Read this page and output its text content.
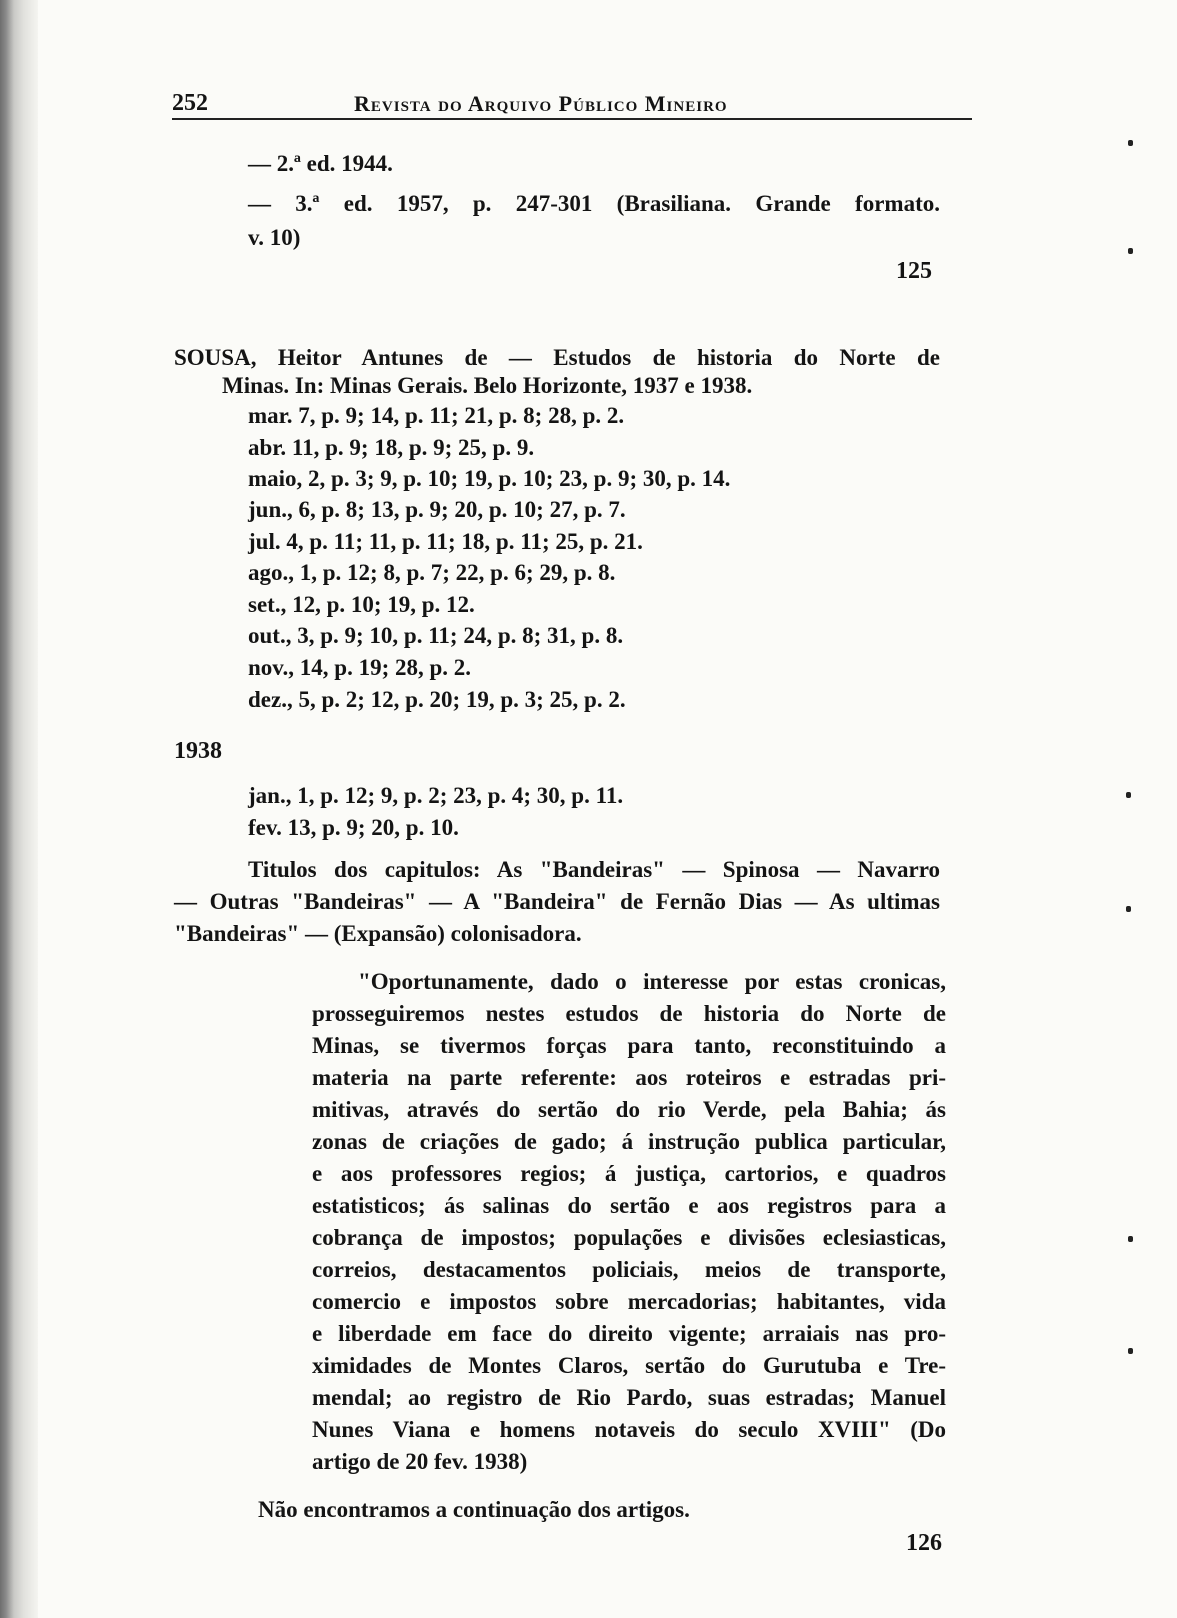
252	Revista do Arquivo Público Mineiro
— 2.ª ed. 1944.
— 3.ª ed. 1957, p. 247-301 (Brasiliana. Grande formato.
v. 10)
125
SOUSA, Heitor Antunes de — Estudos de historia do Norte de
Minas. In: Minas Gerais. Belo Horizonte, 1937 e 1938.
mar. 7, p. 9; 14, p. 11; 21, p. 8; 28, p. 2.
abr. 11, p. 9; 18, p. 9; 25, p. 9.
maio, 2, p. 3; 9, p. 10; 19, p. 10; 23, p. 9; 30, p. 14.
jun., 6, p. 8; 13, p. 9; 20, p. 10; 27, p. 7.
jul. 4, p. 11; 11, p. 11; 18, p. 11; 25, p. 21.
ago., 1, p. 12; 8, p. 7; 22, p. 6; 29, p. 8.
set., 12, p. 10; 19, p. 12.
out., 3, p. 9; 10, p. 11; 24, p. 8; 31, p. 8.
nov., 14, p. 19; 28, p. 2.
dez., 5, p. 2; 12, p. 20; 19, p. 3; 25, p. 2.
1938
jan., 1, p. 12; 9, p. 2; 23, p. 4; 30, p. 11.
fev. 13, p. 9; 20, p. 10.
Titulos dos capitulos: As "Bandeiras" — Spinosa — Navarro
— Outras "Bandeiras" — A "Bandeira" de Fernão Dias — As ultimas
"Bandeiras" — (Expansão) colonisadora.
"Oportunamente, dado o interesse por estas cronicas,
prosseguiremos nestes estudos de historia do Norte de
Minas, se tivermos forças para tanto, reconstituindo a
materia na parte referente: aos roteiros e estradas pri-
mitivas, através do sertão do rio Verde, pela Bahia; ás
zonas de criações de gado; á instrução publica particular,
e aos professores regios; á justiça, cartorios, e quadros
estatisticos; ás salinas do sertão e aos registros para a
cobrança de impostos; populações e divisões eclesiasticas,
correios, destacamentos policiais, meios de transporte,
comercio e impostos sobre mercadorias; habitantes, vida
e liberdade em face do direito vigente; arraiais nas pro-
ximidades de Montes Claros, sertão do Gurutuba e Tre-
mendal; ao registro de Rio Pardo, suas estradas; Manuel
Nunes Viana e homens notaveis do seculo XVIII" (Do
artigo de 20 fev. 1938)
Não encontramos a continuação dos artigos.
126
